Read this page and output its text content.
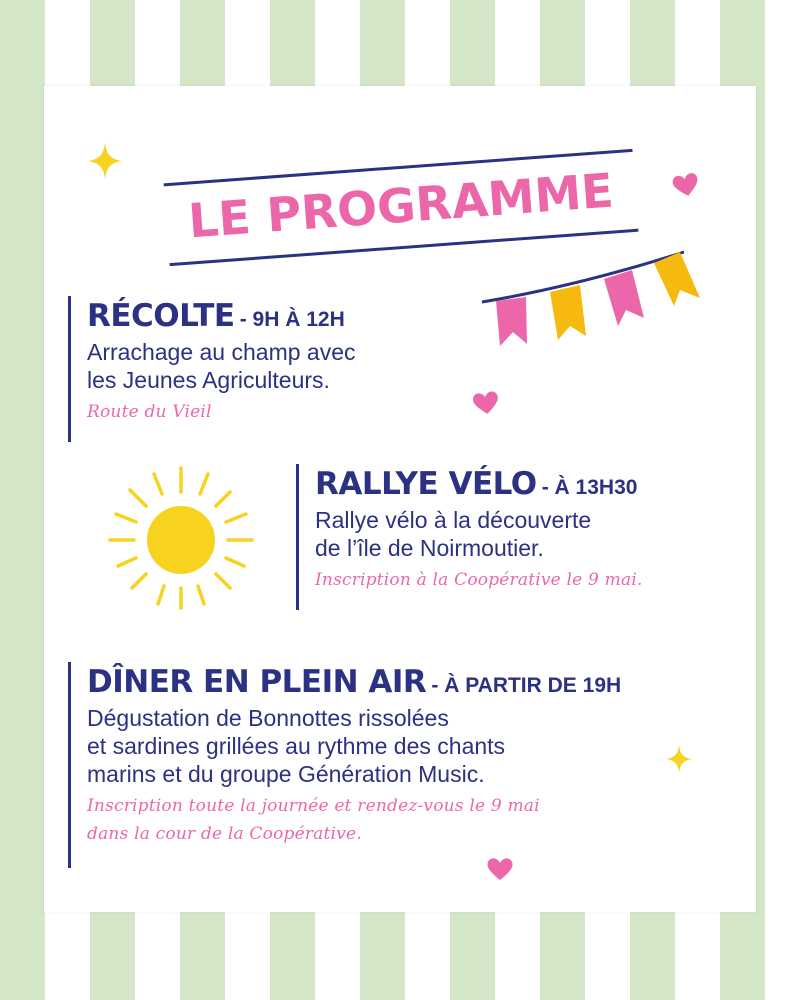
LE PROGRAMME
RÉCOLTE - 9H À 12H
Arrachage au champ avec
les Jeunes Agriculteurs.
Route du Vieil
RALLYE VÉLO - À 13H30
Rallye vélo à la découverte
de l’île de Noirmoutier.
Inscription à la Coopérative le 9 mai.
DÎNER EN PLEIN AIR - À PARTIR DE 19H
Dégustation de Bonnottes rissolées
et sardines grillées au rythme des chants
marins et du groupe Génération Music.
Inscription toute la journée et rendez-vous le 9 mai
dans la cour de la Coopérative.
